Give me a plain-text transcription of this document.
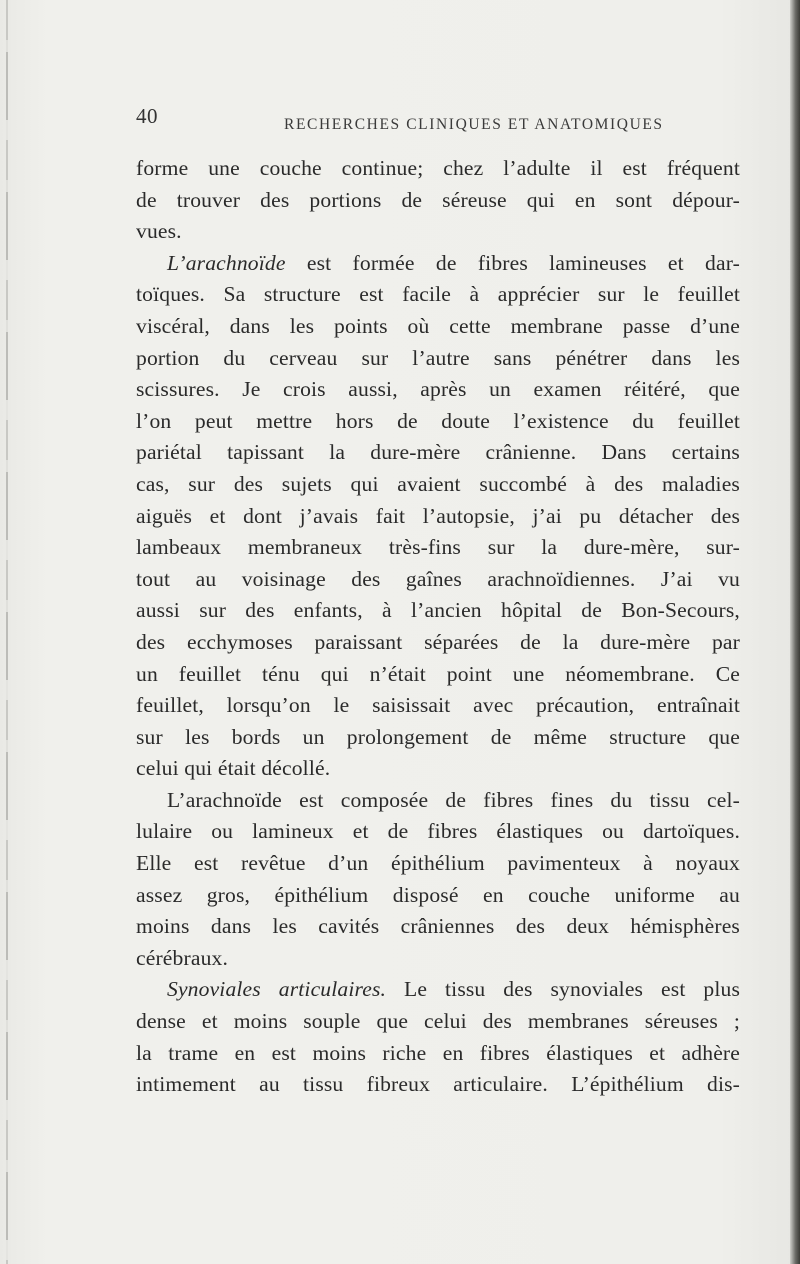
40	RECHERCHES CLINIQUES ET ANATOMIQUES
forme une couche continue; chez l’adulte il est fréquent
de trouver des portions de séreuse qui en sont dépour-
vues.
L’arachnoïde est formée de fibres lamineuses et dar-
toïques. Sa structure est facile à apprécier sur le feuillet
viscéral, dans les points où cette membrane passe d’une
portion du cerveau sur l’autre sans pénétrer dans les
scissures. Je crois aussi, après un examen réitéré, que
l’on peut mettre hors de doute l’existence du feuillet
pariétal tapissant la dure-mère crânienne. Dans certains
cas, sur des sujets qui avaient succombé à des maladies
aiguës et dont j’avais fait l’autopsie, j’ai pu détacher des
lambeaux membraneux très-fins sur la dure-mère, sur-
tout au voisinage des gaînes arachnoïdiennes. J’ai vu
aussi sur des enfants, à l’ancien hôpital de Bon-Secours,
des ecchymoses paraissant séparées de la dure-mère par
un feuillet ténu qui n’était point une néomembrane. Ce
feuillet, lorsqu’on le saisissait avec précaution, entraînait
sur les bords un prolongement de même structure que
celui qui était décollé.
L’arachnoïde est composée de fibres fines du tissu cel-
lulaire ou lamineux et de fibres élastiques ou dartoïques.
Elle est revêtue d’un épithélium pavimenteux à noyaux
assez gros, épithélium disposé en couche uniforme au
moins dans les cavités crâniennes des deux hémisphères
cérébraux.
Synoviales articulaires. Le tissu des synoviales est plus
dense et moins souple que celui des membranes séreuses ;
la trame en est moins riche en fibres élastiques et adhère
intimement au tissu fibreux articulaire. L’épithélium dis-
